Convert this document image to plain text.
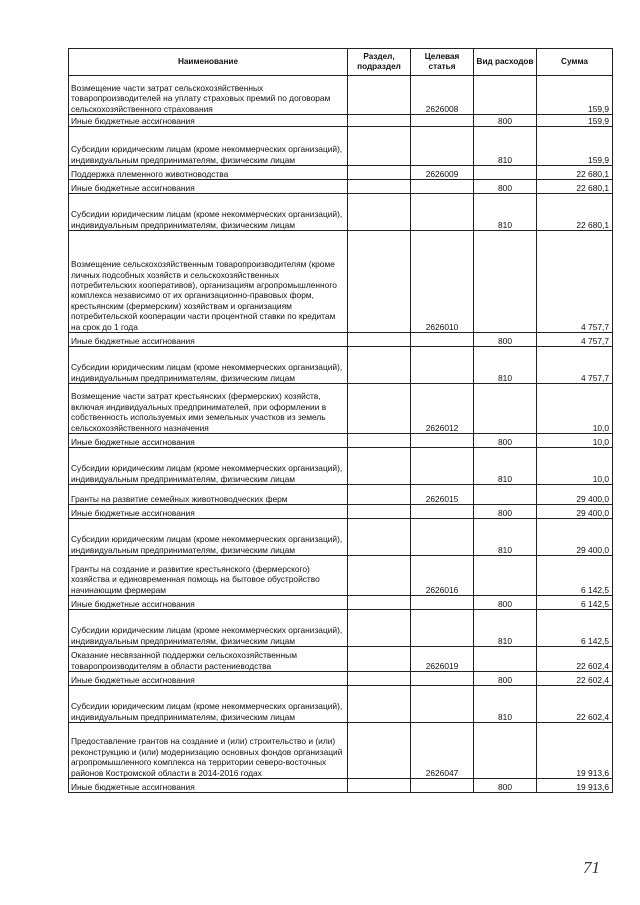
Наименование	Раздел, подраздел	Целевая статья	Вид расходов	Сумма
Возмещение части затрат сельскохозяйственных товаропроизводителей на уплату страховых премий по договорам сельскохозяйственного страхования		2626008		159,9
Иные бюджетные ассигнования			800	159,9
Субсидии юридическим лицам (кроме некоммерческих организаций), индивидуальным предпринимателям, физическим лицам			810	159,9
Поддержка племенного животноводства		2626009		22 680,1
Иные бюджетные ассигнования			800	22 680,1
Субсидии юридическим лицам (кроме некоммерческих организаций), индивидуальным предпринимателям, физическим лицам			810	22 680,1
Возмещение сельскохозяйственным товаропроизводителям (кроме личных подсобных хозяйств и сельскохозяйственных потребительских кооперативов), организациям агропромышленного комплекса независимо от их организационно-правовых форм, крестьянским (фермерским) хозяйствам и организациям потребительской кооперации части процентной ставки по кредитам на срок до 1 года		2626010		4 757,7
Иные бюджетные ассигнования			800	4 757,7
Субсидии юридическим лицам (кроме некоммерческих организаций), индивидуальным предпринимателям, физическим лицам			810	4 757,7
Возмещение части затрат крестьянских (фермерских) хозяйств, включая индивидуальных предпринимателей, при оформлении в собственность используемых ими земельных участков из земель сельскохозяйственного назначения		2626012		10,0
Иные бюджетные ассигнования			800	10,0
Субсидии юридическим лицам (кроме некоммерческих организаций), индивидуальным предпринимателям, физическим лицам			810	10,0
Гранты на развитие семейных животноводческих ферм		2626015		29 400,0
Иные бюджетные ассигнования			800	29 400,0
Субсидии юридическим лицам (кроме некоммерческих организаций), индивидуальным предпринимателям, физическим лицам			810	29 400,0
Гранты на создание и развитие крестьянского (фермерского) хозяйства и единовременная помощь на бытовое обустройство начинающим фермерам		2626016		6 142,5
Иные бюджетные ассигнования			800	6 142,5
Субсидии юридическим лицам (кроме некоммерческих организаций), индивидуальным предпринимателям, физическим лицам			810	6 142,5
Оказание несвязанной поддержки сельскохозяйственным товаропроизводителям в области растениеводства		2626019		22 602,4
Иные бюджетные ассигнования			800	22 602,4
Субсидии юридическим лицам (кроме некоммерческих организаций), индивидуальным предпринимателям, физическим лицам			810	22 602,4
Предоставление грантов на создание и (или) строительство и (или) реконструкцию и (или) модернизацию основных фондов организаций агропромышленного комплекса на территории северо-восточных районов Костромской области в 2014-2016 годах		2626047		19 913,6
Иные бюджетные ассигнования			800	19 913,6
71
